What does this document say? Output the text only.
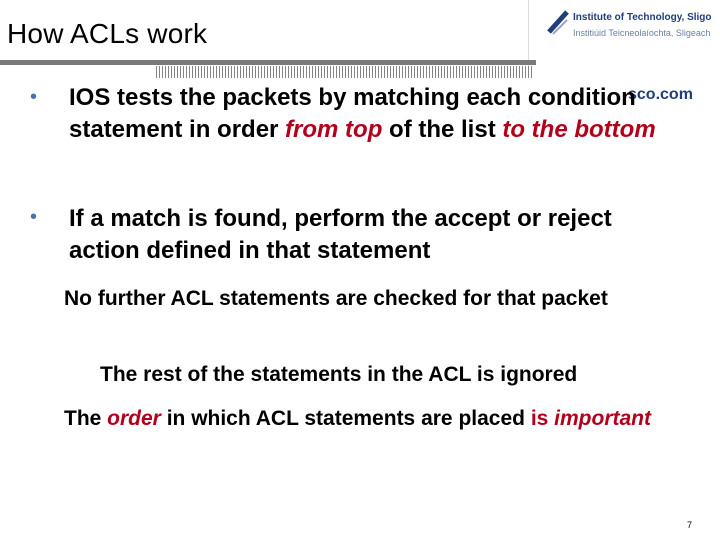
How ACLs work
Institute of Technology, Sligo
Institiúid Teicneolaíochta, Sligeach
sco.com
• IOS tests the packets by matching each condition statement in order from top of the list to the bottom
• If a match is found, perform the accept or reject action defined in that statement
No further ACL statements are checked for that packet
The rest of the statements in the ACL is ignored
The order in which ACL statements are placed is important
7
